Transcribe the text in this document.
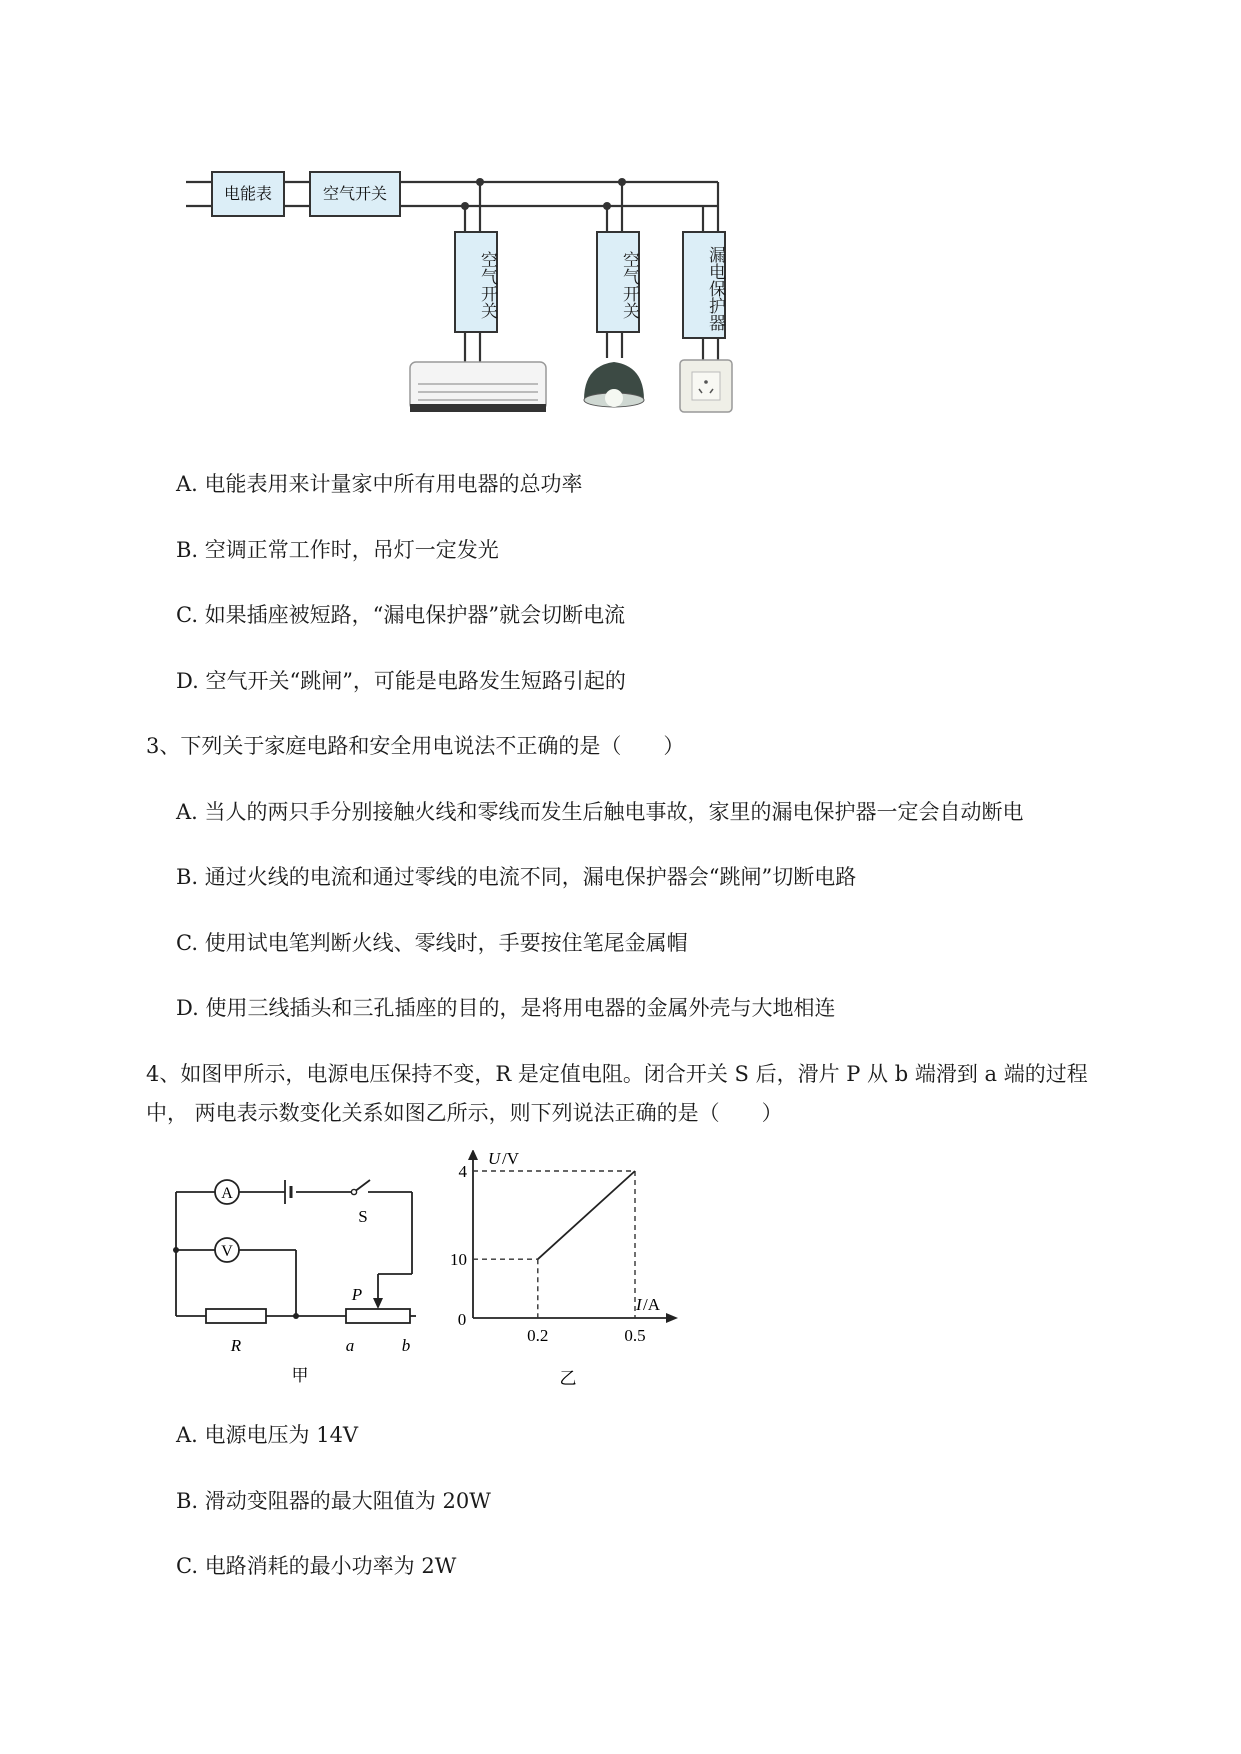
电能表	空气开关
空气开关	空气开关	漏电保护器
A. 电能表用来计量家中所有用电器的总功率
B. 空调正常工作时，吊灯一定发光
C. 如果插座被短路，“漏电保护器”就会切断电流
D. 空气开关“跳闸”，可能是电路发生短路引起的
3、下列关于家庭电路和安全用电说法不正确的是（　　）
A. 当人的两只手分别接触火线和零线而发生后触电事故，家里的漏电保护器一定会自动断电
B. 通过火线的电流和通过零线的电流不同，漏电保护器会“跳闸”切断电路
C. 使用试电笔判断火线、零线时，手要按住笔尾金属帽
D. 使用三线插头和三孔插座的目的，是将用电器的金属外壳与大地相连
4、如图甲所示，电源电压保持不变，R 是定值电阻。闭合开关 S 后，滑片 P 从 b 端滑到 a 端的过程
中， 两电表示数变化关系如图乙所示，则下列说法正确的是（　　）
A
V
S
P
R	a	b
甲
U /V
I /A
0
10
4
0.2	0.5
乙
A. 电源电压为 14V
B. 滑动变阻器的最大阻值为 20W
C. 电路消耗的最小功率为 2W
